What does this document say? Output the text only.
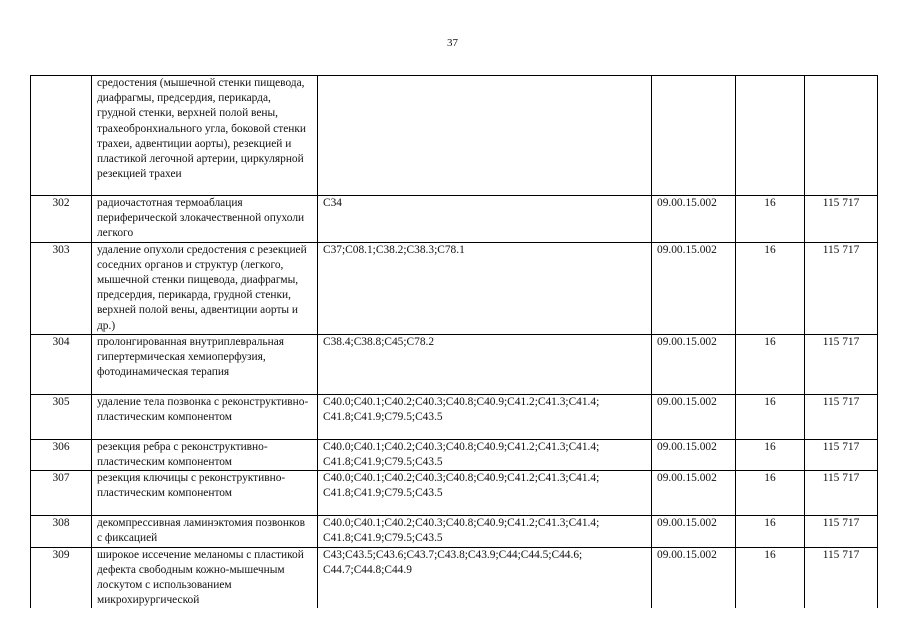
37
	средостения (мышечной стенки пищевода, диафрагмы, предсердия, перикарда, грудной стенки, верхней полой вены, трахеобронхиального угла, боковой стенки трахеи, адвентиции аорты), резекцией и пластикой легочной артерии, циркулярной резекцией трахеи				
302	радиочастотная термоаблация периферической злокачественной опухоли легкого	С34	09.00.15.002	16	115 717
303	удаление опухоли средостения с резекцией соседних органов и структур (легкого, мышечной стенки пищевода, диафрагмы, предсердия, перикарда, грудной стенки, верхней полой вены, адвентиции аорты и др.)	С37;С08.1;С38.2;С38.3;С78.1	09.00.15.002	16	115 717
304	пролонгированная внутриплевральная гипертермическая хемиоперфузия, фотодинамическая терапия	С38.4;С38.8;С45;С78.2	09.00.15.002	16	115 717
305	удаление тела позвонка с реконструктивно-пластическим компонентом	С40.0;С40.1;С40.2;С40.3;С40.8;С40.9;С41.2;С41.3;С41.4; С41.8;С41.9;С79.5;С43.5	09.00.15.002	16	115 717
306	резекция ребра с реконструктивно-пластическим компонентом	С40.0;С40.1;С40.2;С40.3;С40.8;С40.9;С41.2;С41.3;С41.4; С41.8;С41.9;С79.5;С43.5	09.00.15.002	16	115 717
307	резекция ключицы с реконструктивно-пластическим компонентом	С40.0;С40.1;С40.2;С40.3;С40.8;С40.9;С41.2;С41.3;С41.4; С41.8;С41.9;С79.5;С43.5	09.00.15.002	16	115 717
308	декомпрессивная ламинэктомия позвонков с фиксацией	С40.0;С40.1;С40.2;С40.3;С40.8;С40.9;С41.2;С41.3;С41.4; С41.8;С41.9;С79.5;С43.5	09.00.15.002	16	115 717
309	широкое иссечение меланомы с пластикой дефекта свободным кожно-мышечным лоскутом с использованием микрохирургической	С43;С43.5;С43.6;С43.7;С43.8;С43.9;С44;С44.5;С44.6; С44.7;С44.8;С44.9	09.00.15.002	16	115 717
